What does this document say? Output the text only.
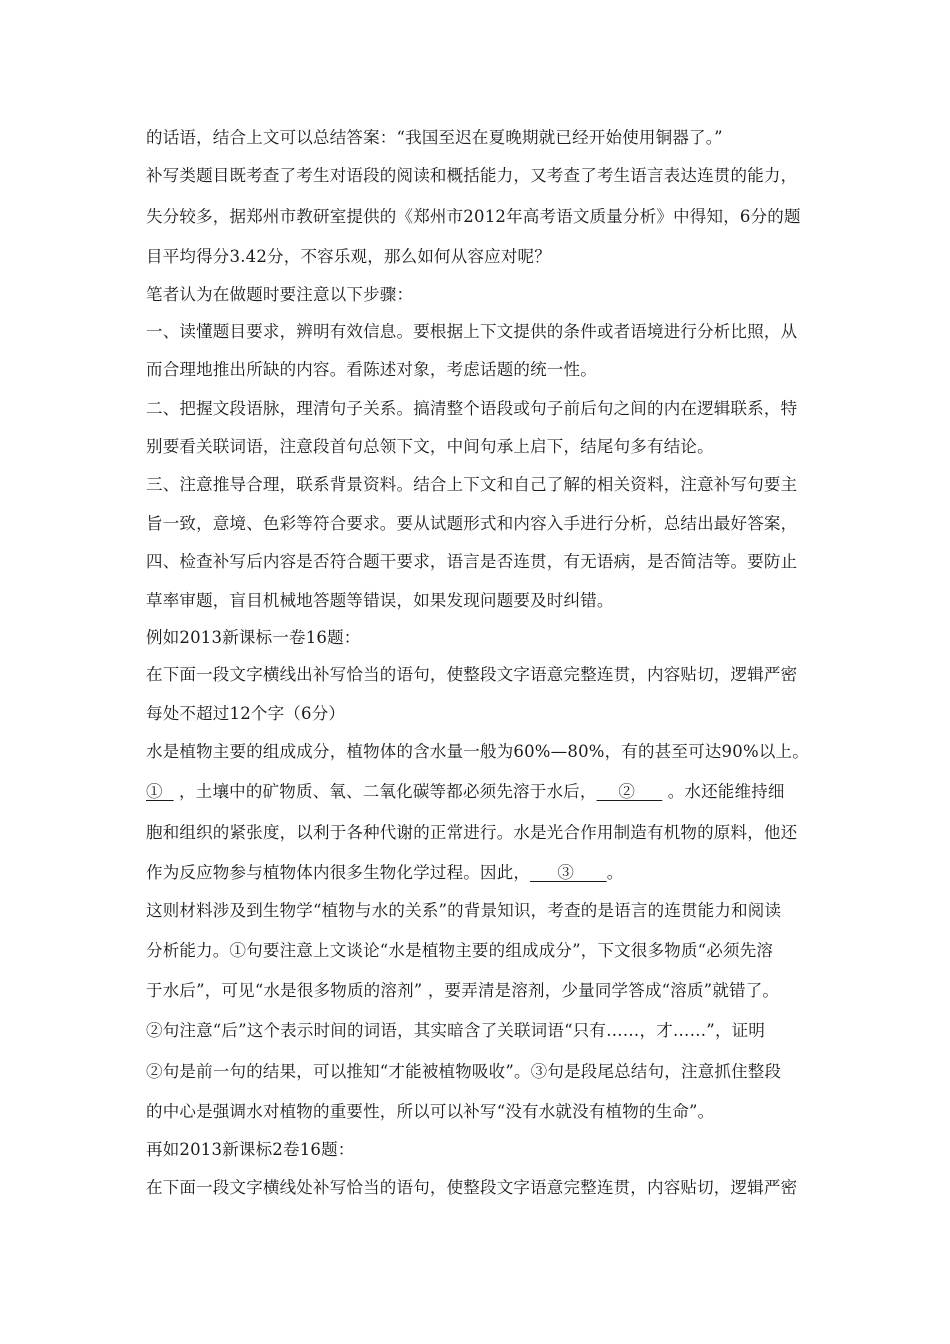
的话语，结合上文可以总结答案：“我国至迟在夏晚期就已经开始使用铜器了。”
补写类题目既考查了考生对语段的阅读和概括能力，又考查了考生语言表达连贯的能力，
失分较多，据郑州市教研室提供的《郑州市2012年高考语文质量分析》中得知，6分的题
目平均得分3.42分，不容乐观，那么如何从容应对呢？
笔者认为在做题时要注意以下步骤：
一、读懂题目要求，辨明有效信息。要根据上下文提供的条件或者语境进行分析比照，从
而合理地推出所缺的内容。看陈述对象，考虑话题的统一性。
二、把握文段语脉，理清句子关系。搞清整个语段或句子前后句之间的内在逻辑联系，特
别要看关联词语，注意段首句总领下文，中间句承上启下，结尾句多有结论。
三、注意推导合理，联系背景资料。结合上下文和自己了解的相关资料，注意补写句要主
旨一致，意境、色彩等符合要求。要从试题形式和内容入手进行分析，总结出最好答案，
四、检查补写后内容是否符合题干要求，语言是否连贯，有无语病，是否简洁等。要防止
草率审题，盲目机械地答题等错误，如果发现问题要及时纠错。
例如2013新课标一卷16题：
在下面一段文字横线出补写恰当的语句，使整段文字语意完整连贯，内容贴切，逻辑严密
每处不超过12个字（6分）
水是植物主要的组成成分，植物体的含水量一般为60%—80%，有的甚至可达90%以上。
①   ，土壤中的矿物质、氧、二氧化碳等都必须先溶于水后，    ②      。水还能维持细
胞和组织的紧张度，以利于各种代谢的正常进行。水是光合作用制造有机物的原料，他还
作为反应物参与植物体内很多生物化学过程。因此，     ③      。
这则材料涉及到生物学“植物与水的关系”的背景知识，考查的是语言的连贯能力和阅读
分析能力。①句要注意上文谈论“水是植物主要的组成成分”，下文很多物质“必须先溶
于水后”，可见“水是很多物质的溶剂” ，要弄清是溶剂，少量同学答成“溶质”就错了。
②句注意“后”这个表示时间的词语，其实暗含了关联词语“只有……，才……”，证明
②句是前一句的结果，可以推知“才能被植物吸收”。③句是段尾总结句，注意抓住整段
的中心是强调水对植物的重要性，所以可以补写“没有水就没有植物的生命”。
再如2013新课标2卷16题：
在下面一段文字横线处补写恰当的语句，使整段文字语意完整连贯，内容贴切，逻辑严密
